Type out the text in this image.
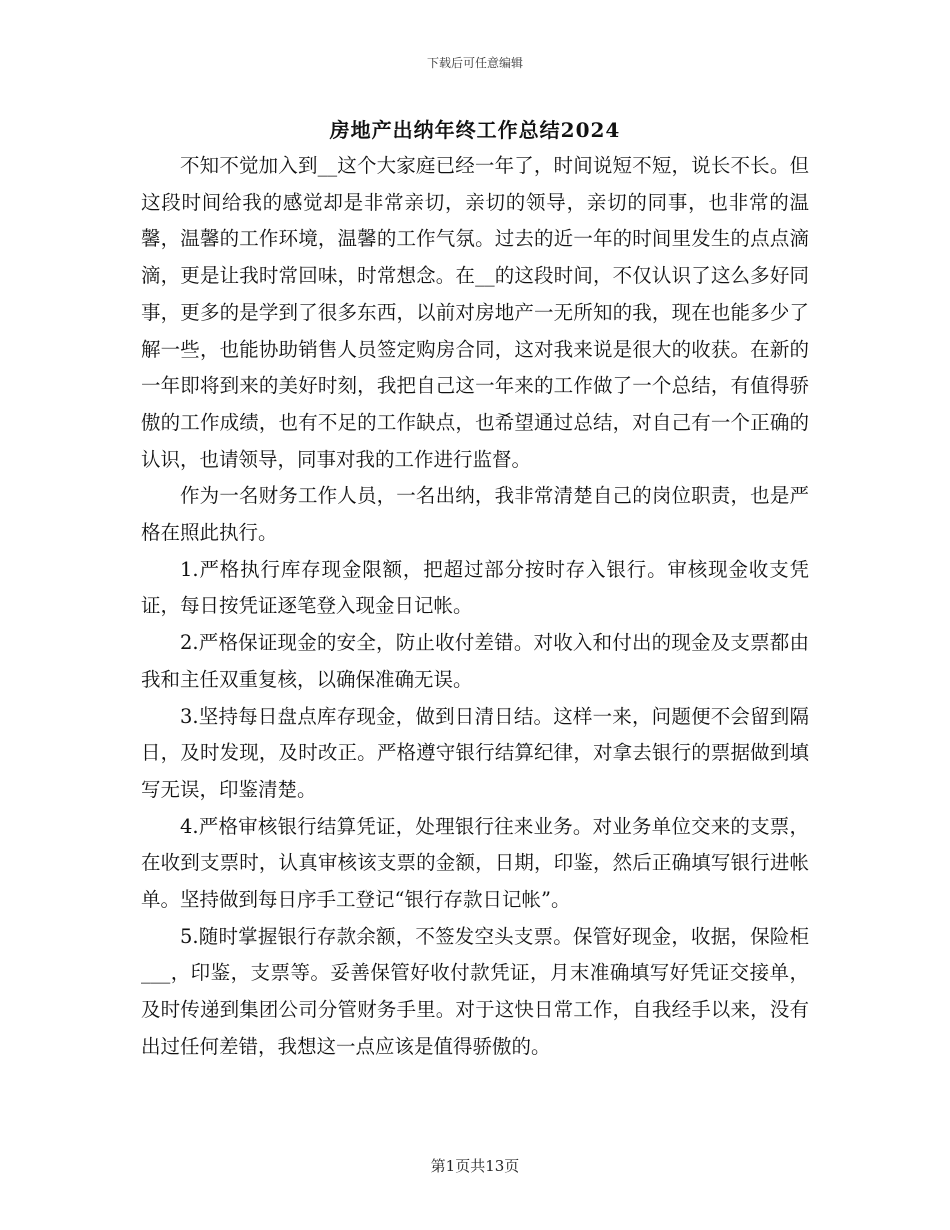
下载后可任意编辑
房地产出纳年终工作总结2024

不知不觉加入到__这个大家庭已经一年了，时间说短不短，说长不长。但这段时间给我的感觉却是非常亲切，亲切的领导，亲切的同事，也非常的温馨，温馨的工作环境，温馨的工作气氛。过去的近一年的时间里发生的点点滴滴，更是让我时常回味，时常想念。在__的这段时间，不仅认识了这么多好同事，更多的是学到了很多东西，以前对房地产一无所知的我，现在也能多少了解一些，也能协助销售人员签定购房合同，这对我来说是很大的收获。在新的一年即将到来的美好时刻，我把自己这一年来的工作做了一个总结，有值得骄傲的工作成绩，也有不足的工作缺点，也希望通过总结，对自己有一个正确的认识，也请领导，同事对我的工作进行监督。

作为一名财务工作人员，一名出纳，我非常清楚自己的岗位职责，也是严格在照此执行。

1.严格执行库存现金限额，把超过部分按时存入银行。审核现金收支凭证，每日按凭证逐笔登入现金日记帐。

2.严格保证现金的安全，防止收付差错。对收入和付出的现金及支票都由我和主任双重复核，以确保准确无误。

3.坚持每日盘点库存现金，做到日清日结。这样一来，问题便不会留到隔日，及时发现，及时改正。严格遵守银行结算纪律，对拿去银行的票据做到填写无误，印鉴清楚。

4.严格审核银行结算凭证，处理银行往来业务。对业务单位交来的支票，在收到支票时，认真审核该支票的金额，日期，印鉴，然后正确填写银行进帐单。坚持做到每日序手工登记“银行存款日记帐”。

5.随时掌握银行存款余额，不签发空头支票。保管好现金，收据，保险柜___，印鉴，支票等。妥善保管好收付款凭证，月末准确填写好凭证交接单，及时传递到集团公司分管财务手里。对于这快日常工作，自我经手以来，没有出过任何差错，我想这一点应该是值得骄傲的。

第1页共13页
